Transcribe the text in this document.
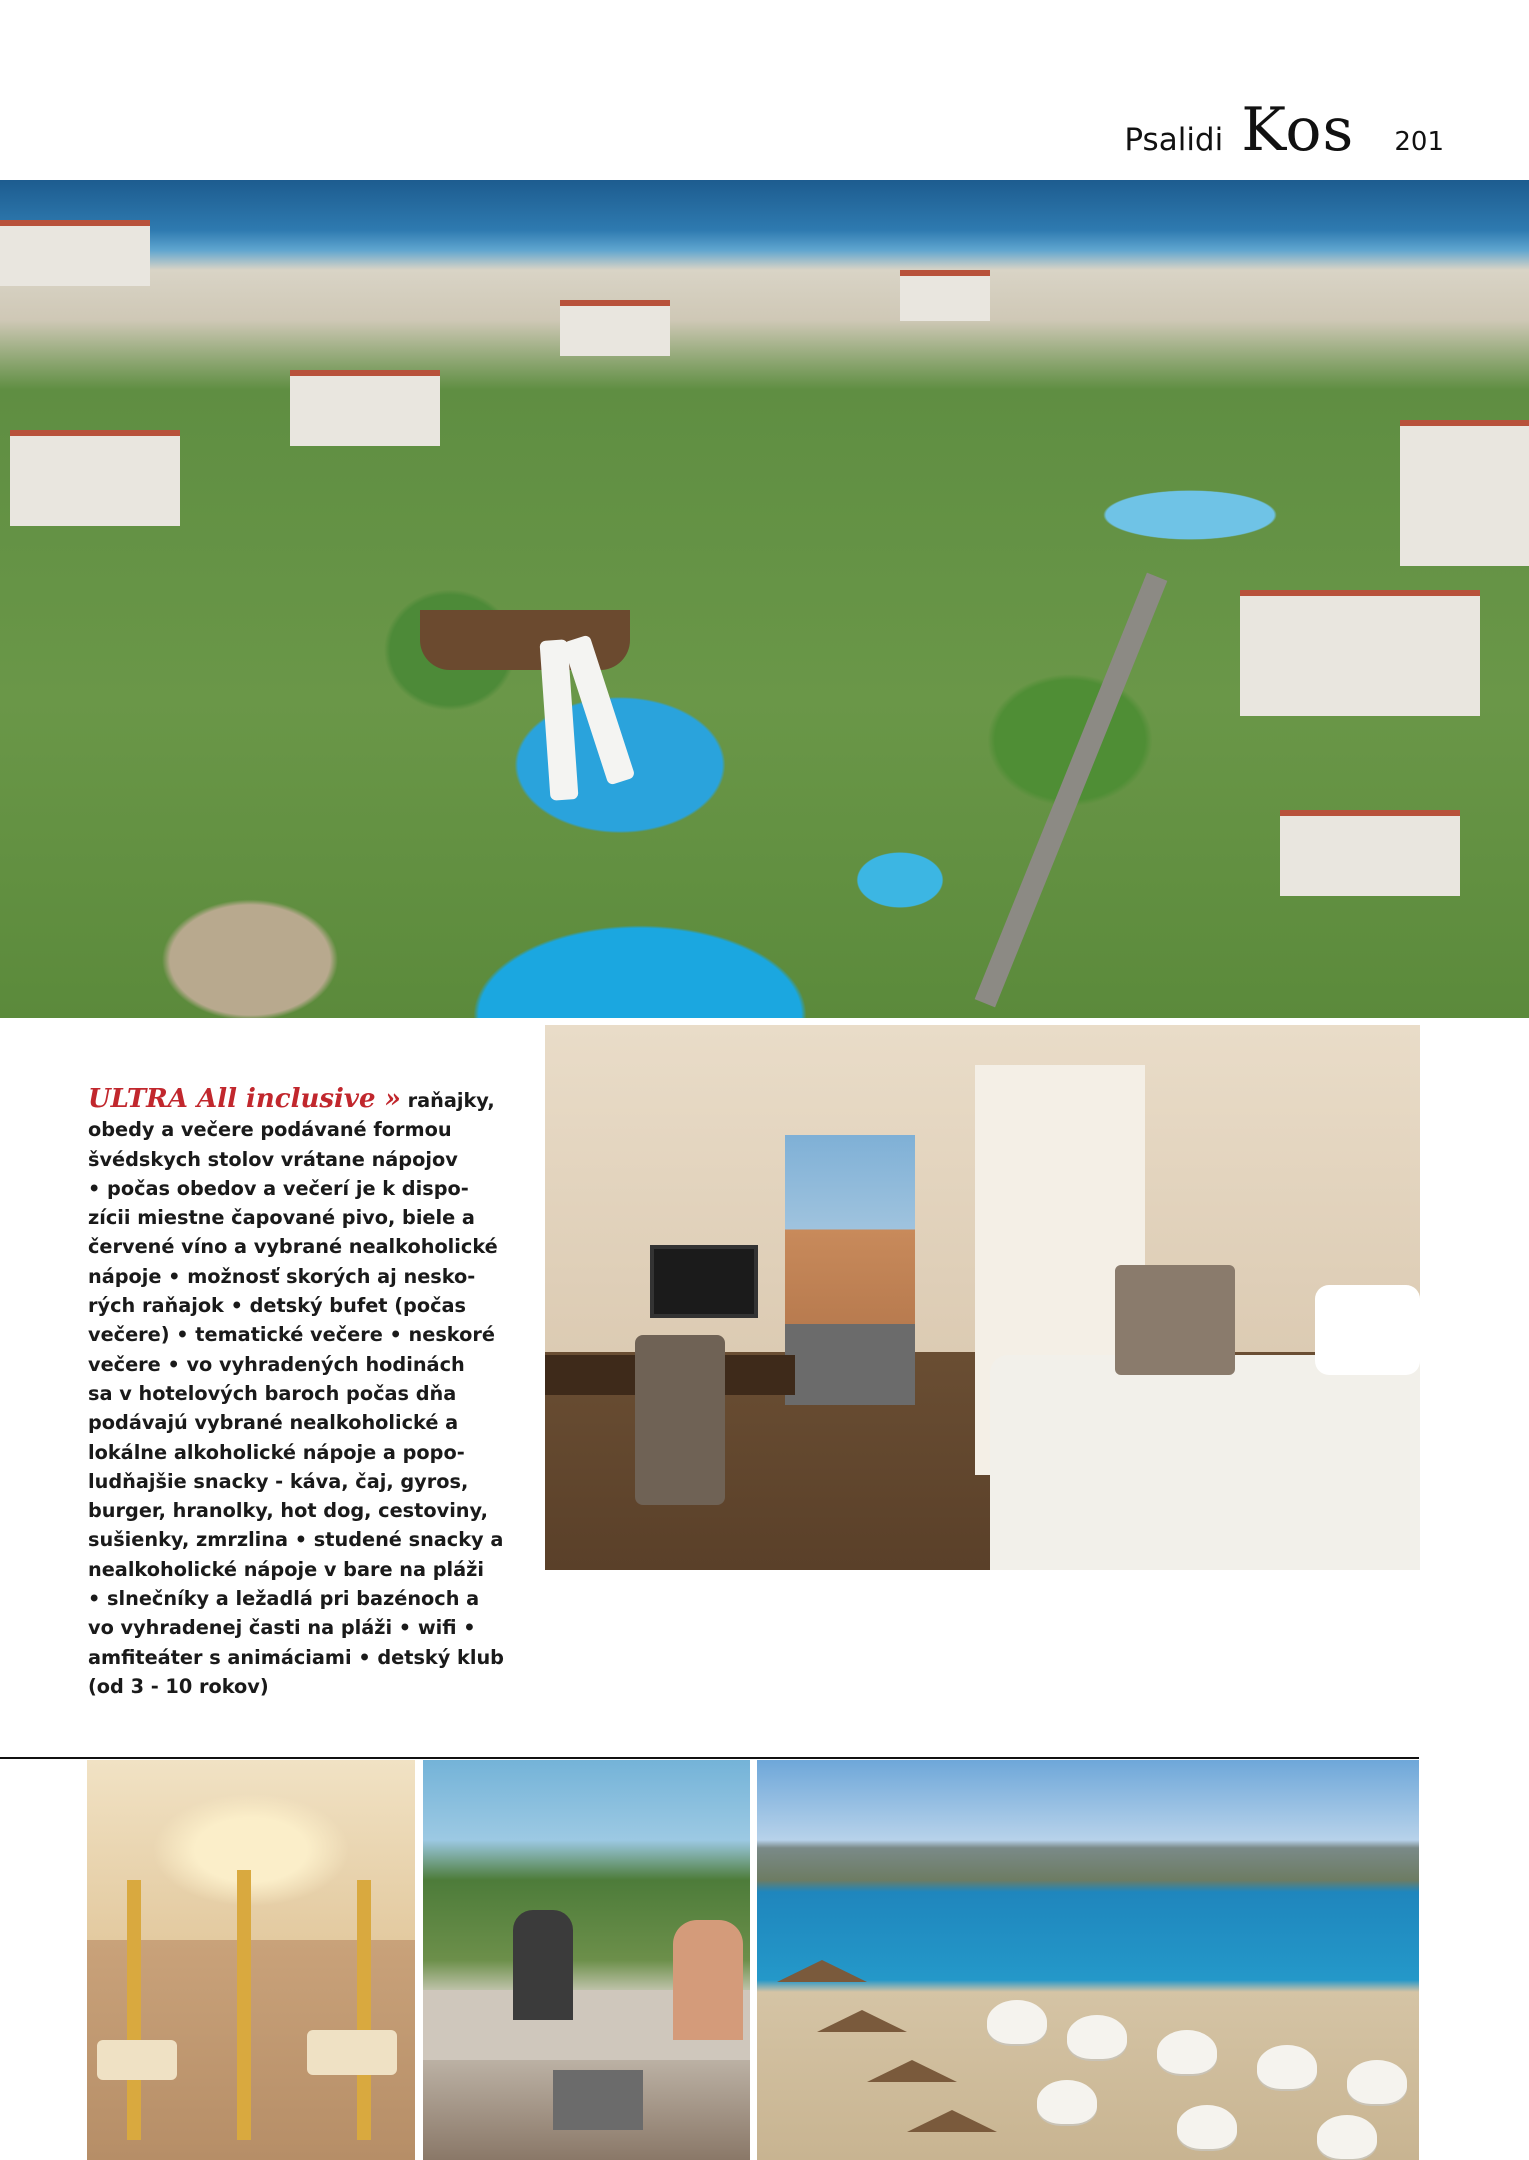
Psalidi Kos 201
ULTRA All inclusive » raňajky,
obedy a večere podávané formou
švédskych stolov vrátane nápojov
• počas obedov a večerí je k dispo-
zícii miestne čapované pivo, biele a
červené víno a vybrané nealkoholické
nápoje • možnosť skorých aj nesko-
rých raňajok • detský bufet (počas
večere) • tematické večere • neskoré
večere • vo vyhradených hodinách
sa v hotelových baroch počas dňa
podávajú vybrané nealkoholické a
lokálne alkoholické nápoje a popo-
ludňajšie snacky - káva, čaj, gyros,
burger, hranolky, hot dog, cestoviny,
sušienky, zmrzlina • studené snacky a
nealkoholické nápoje v bare na pláži
• slnečníky a ležadlá pri bazénoch a
vo vyhradenej časti na pláži • wifi •
amfiteáter s animáciami • detský klub
(od 3 - 10 rokov)
